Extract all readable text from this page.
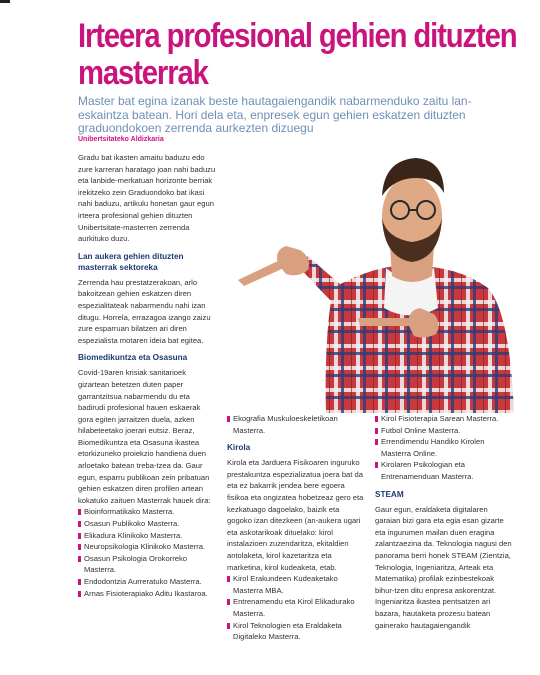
Irteera profesional gehien dituzten
masterrak

Master bat egina izanak beste hautagaiengandik nabarmenduko zaitu lan-eskaintza batean. Hori dela eta, enpresek egun gehien eskatzen dituzten graduondokoen zerrenda aurkezten dizuegu

Unibertsitateko Aldizkaria

Gradu bat ikasten amaitu baduzu edo zure karreran haratago joan nahi baduzu eta lanbide-merkatuan horizonte berriak irekitzeko zein Graduondoko bat ikasi nahi baduzu, artikulu honetan gaur egun irteera profesional gehien dituzten Unibertsitate-masterren zerrenda aurkituko duzu.

Lan aukera gehien dituzten masterrak sektoreka

Zerrenda hau prestatzerakoan, arlo bakoitzean gehien eskatzen diren espezialitateak nabarmendu nahi izan ditugu. Horrela, errazagoa izango zaizu zure esparruan bilatzen ari diren espezialista motaren ideia bat egitea.

Biomedikuntza eta Osasuna

Covid-19aren krisiak sanitarioek gizartean betetzen duten paper garrantzitsua nabarmendu du eta badirudi profesional hauen eskaerak gora egiten jarraitzen duela, azken hilabeteetako joerari eutsiz. Beraz, Biomedikuntza eta Osasuna ikastea etorkizuneko proiekzio handiena duen arloetako batean treba-tzea da. Gaur egun, esparru publikoan zein pribatuan gehien eskatzen diren profilen artean kokatuko zaituen Masterrak hauek dira:

Bioinformatikako Masterra.
Osasun Publikoko Masterra.
Elikadura Klinikoko Masterra.
Neuropsikologia Klinikoko Masterra.
Osasun Psikologia Orokorreko Masterra.
Endodontzia Aurreratuko Masterra.
Arnas Fisioterapiako Aditu Ikastaroa.
Ekografia Muskuloeskeletikoan Masterra.
Kirola

Kirola eta Jarduera Fisikoaren inguruko prestakuntza espezializatua joera bat da eta ez bakarrik jendea bere egoera fisikoa eta ongizatea hobetzeaz gero eta kezkatuago dagoelako, baizik eta gogoko izan ditezkeen (an-aukera ugari eta askotarikoak dituelako: kirol instalazioen zuzendaritza, ekitaldien antolaketa, kirol kazetaritza eta marketina, kirol kudeaketa, etab.

Kirol Erakundeen Kudeaketako Masterra MBA.
Entrenamendu eta Kirol Elikadurako Masterra.
Kirol Teknologien eta Eraldaketa Digitaleko Masterra.
Kirol Fisioterapia Sarean Masterra.
Futbol Online Masterra.
Errendimendu Handiko Kirolen Masterra Online.
Kirolaren Psikologian eta Entrenamenduan Masterra.
STEAM

Gaur egun, eraldaketa digitalaren garaian bizi gara eta egia esan gizarte eta ingurumen mailan duen eragina zalantzaezina da. Teknologia nagusi den panorama berri honek STEAM (Zientzia, Teknologia, Ingeniaritza, Arteak eta Matematika) profilak ezinbestekoak bihur-tzen ditu enpresa askorentzat.

Ingeniaritza ikastea pentsatzen ari bazara, hautaketa prozesu batean gainerako hautagaiengandik
